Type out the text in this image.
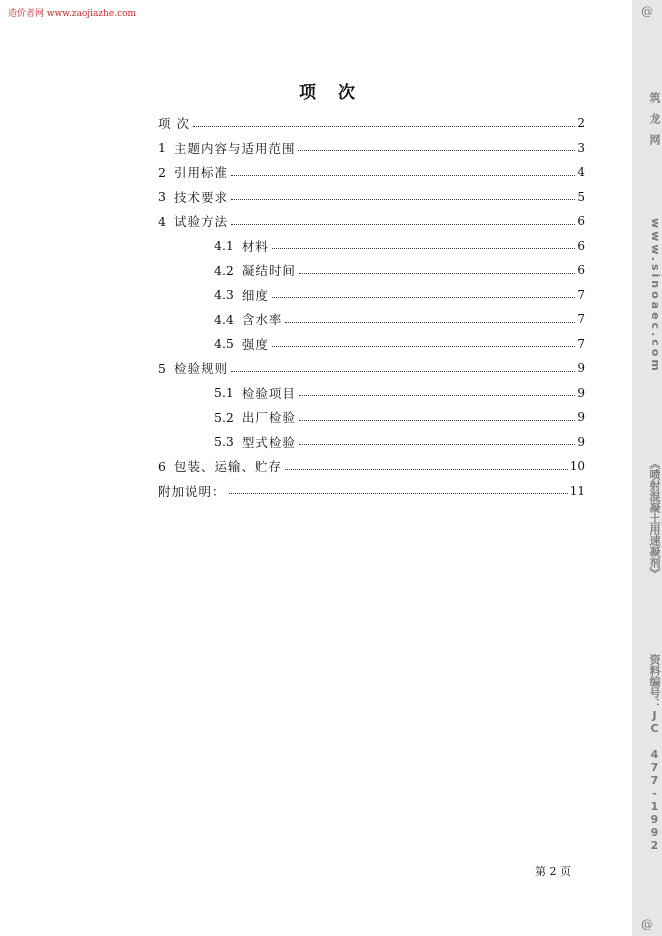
造价者网 www.zaojiazhe.com
项 次
项 次	2
1 主题内容与适用范围	3
2 引用标准	4
3 技术要求	5
4 试验方法	6
4.1 材料	6
4.2 凝结时间	6
4.3 细度	7
4.4 含水率	7
4.5 强度	7
5 检验规则	9
5.1 检验项目	9
5.2 出厂检验	9
5.3 型式检验	9
6 包装、运输、贮存	10
附加说明：	11
第 2 页
@
筑龙网
www.sinoaec.com
《喷射混凝土用速凝剂》
资料编号：JC 477-1992
@
